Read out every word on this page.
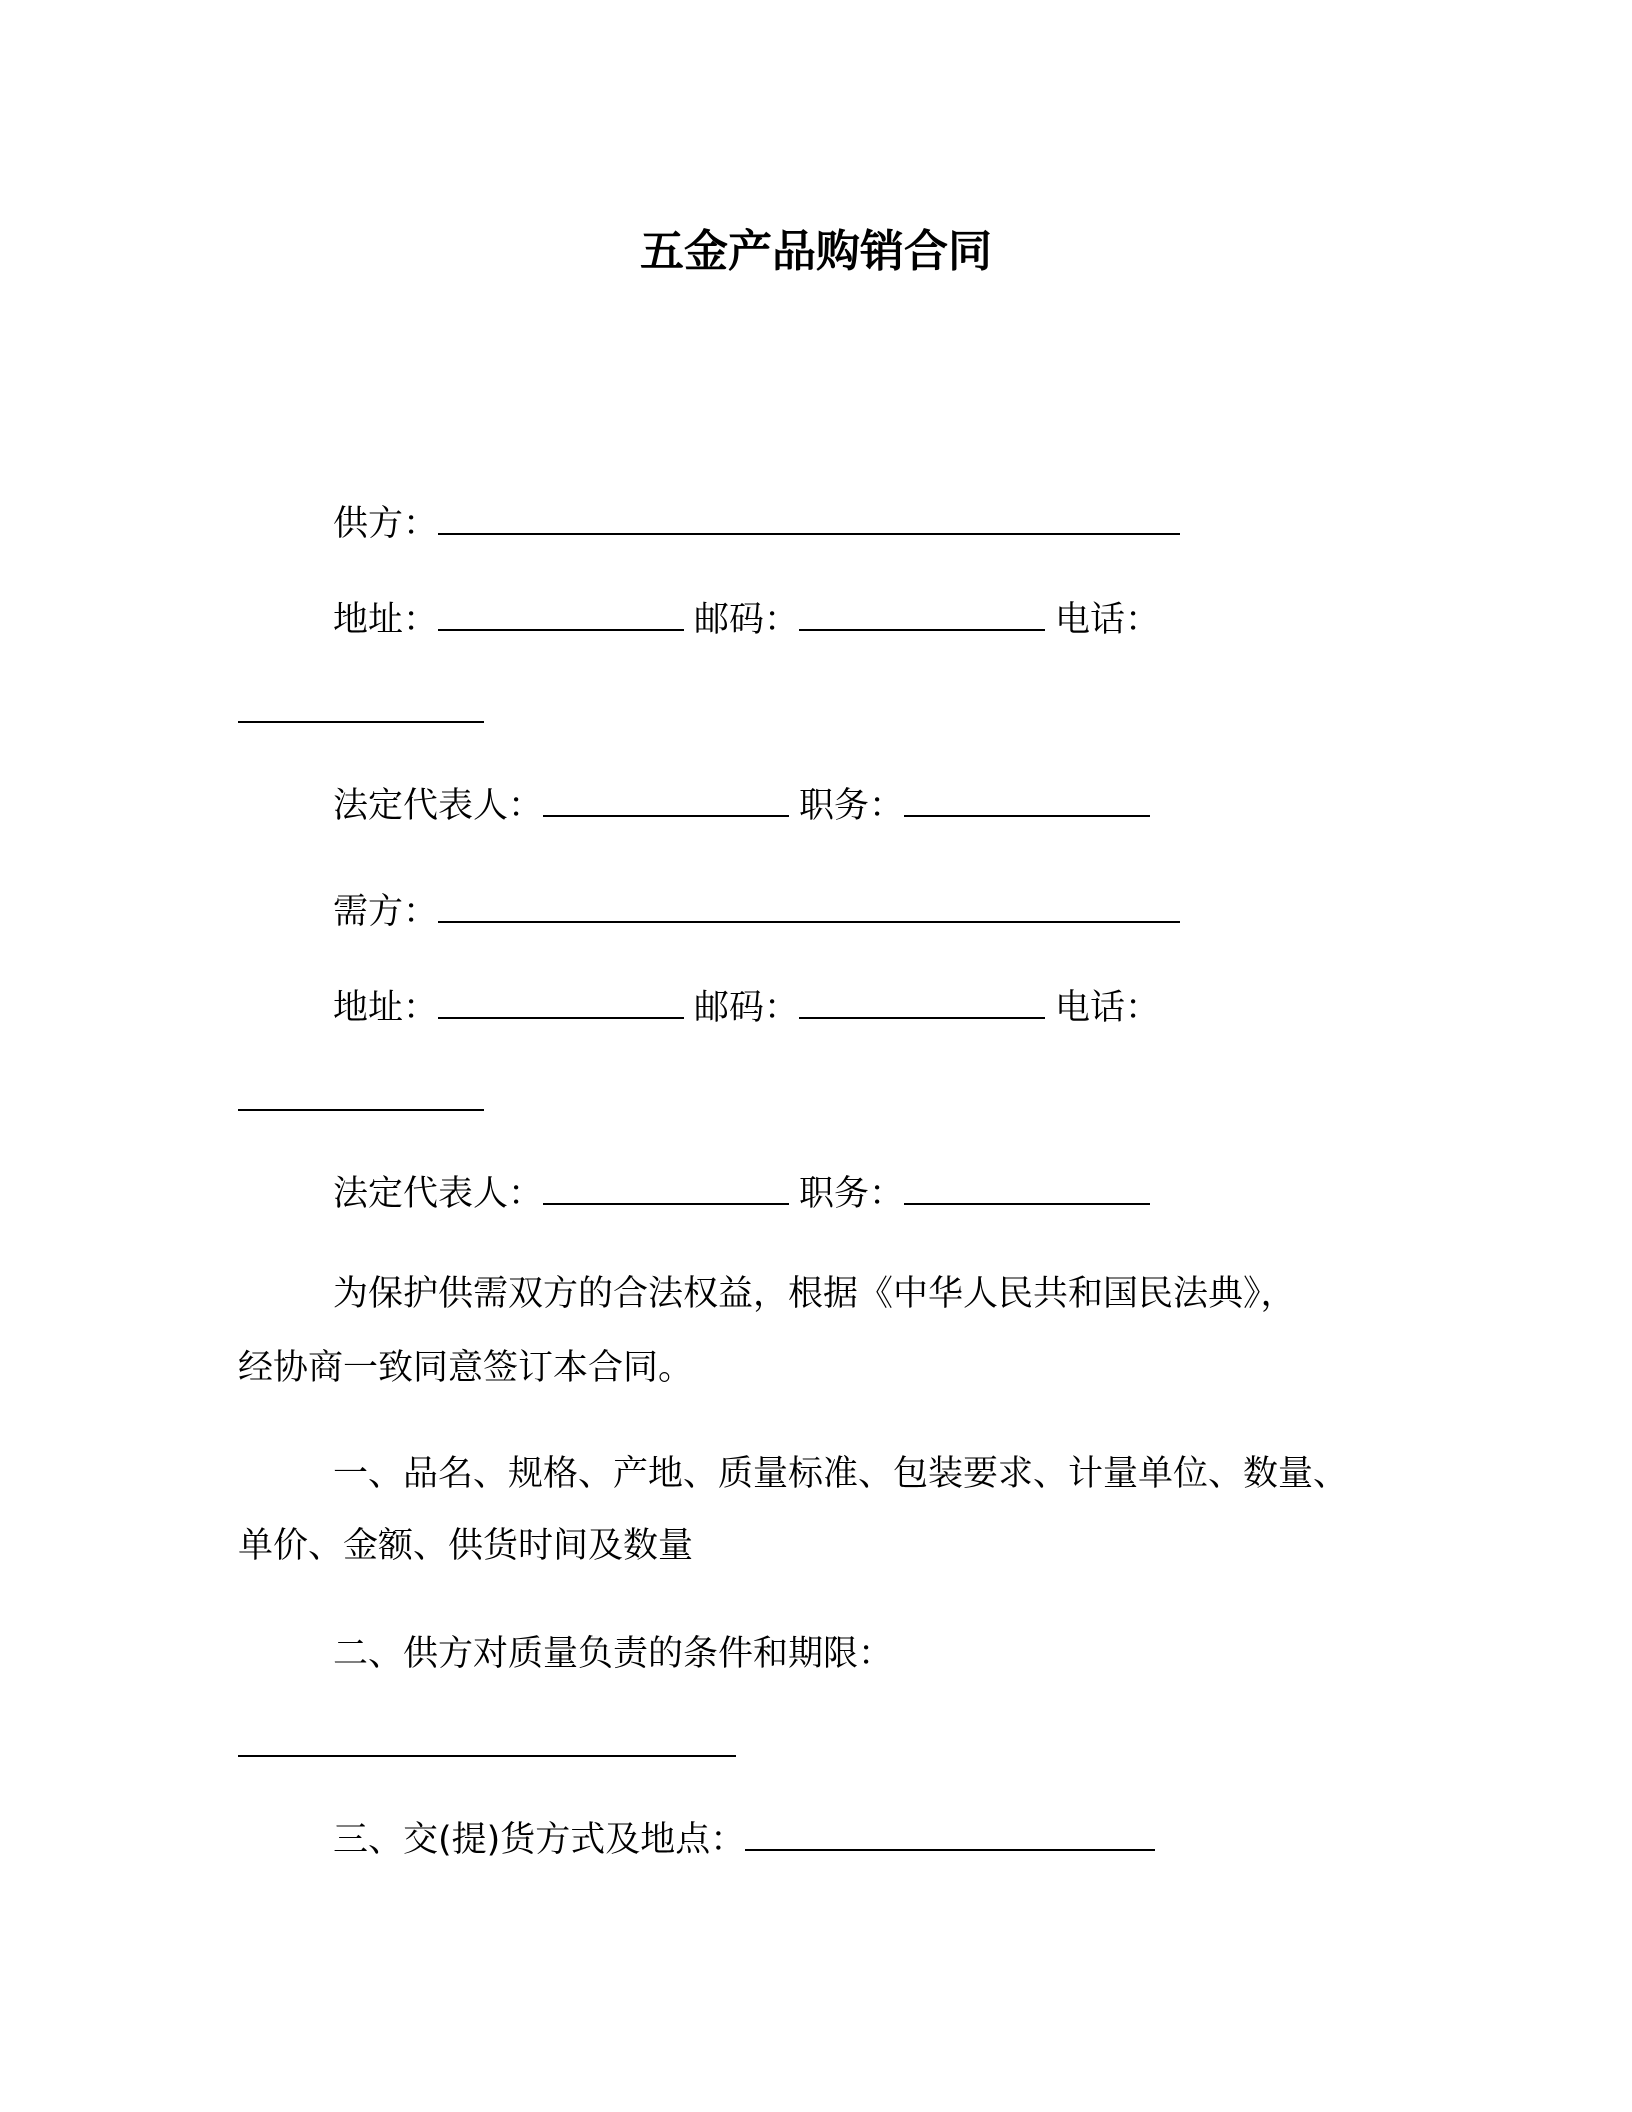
五金产品购销合同
供方：
地址：	邮码：	电话：
法定代表人：	职务：
需方：
地址：	邮码：	电话：
法定代表人：	职务：
为保护供需双方的合法权益，根据《中华人民共和国民法典》，
经协商一致同意签订本合同。
一、品名、规格、产地、质量标准、包装要求、计量单位、数量、
单价、金额、供货时间及数量
二、供方对质量负责的条件和期限：
三、交(提)货方式及地点：
